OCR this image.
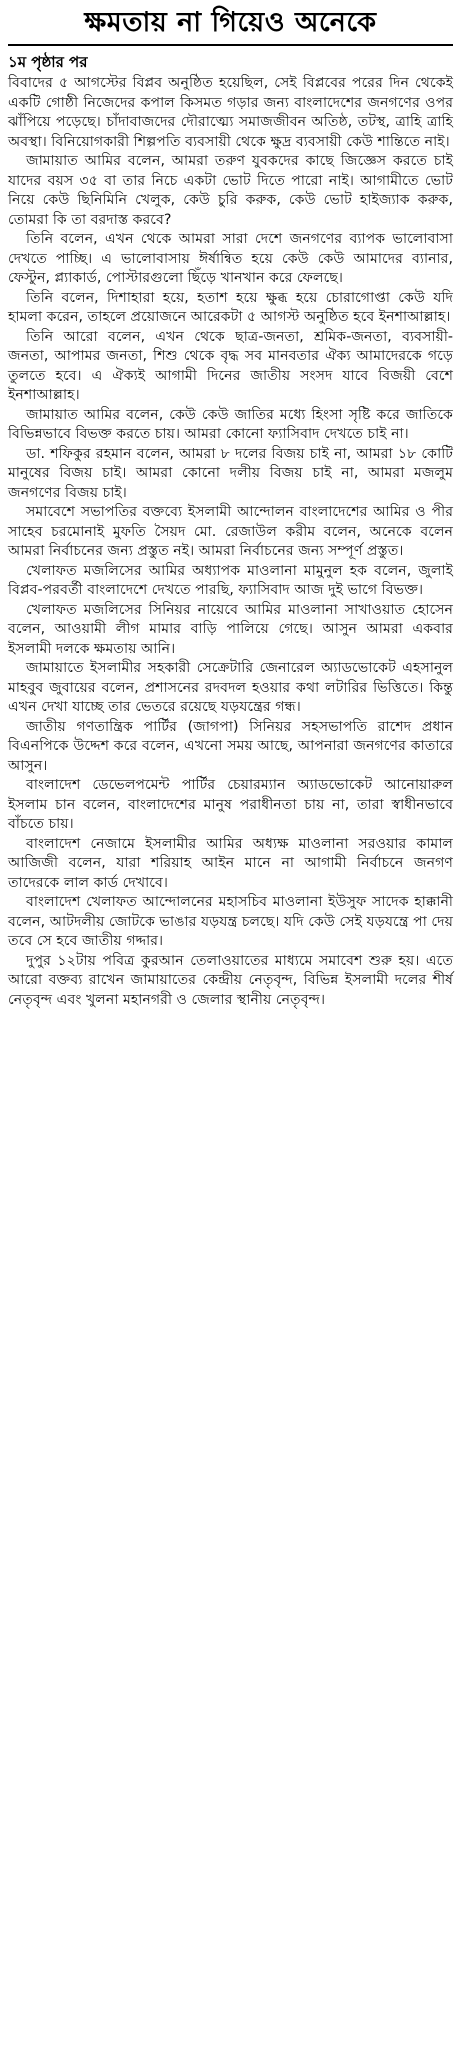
ক্ষমতায় না গিয়েও অনেকে
১ম পৃষ্ঠার পর

বিবাদের ৫ আগস্টের বিপ্লব অনুষ্ঠিত হয়েছিল, সেই বিপ্লবের পরের দিন থেকেই একটি গোষ্ঠী নিজেদের কপাল কিসমত গড়ার জন্য বাংলাদেশের জনগণের ওপর ঝাঁপিয়ে পড়েছে। চাঁদাবাজদের দৌরাত্ম্যে সমাজজীবন অতিষ্ঠ, তটস্থ, ত্রাহি ত্রাহি অবস্থা। বিনিয়োগকারী শিল্পপতি ব্যবসায়ী থেকে ক্ষুদ্র ব্যবসায়ী কেউ শান্তিতে নাই।

জামায়াত আমির বলেন, আমরা তরুণ যুবকদের কাছে জিজ্ঞেস করতে চাই যাদের বয়স ৩৫ বা তার নিচে একটা ভোট দিতে পারো নাই। আগামীতে ভোট নিয়ে কেউ ছিনিমিনি খেলুক, কেউ চুরি করুক, কেউ ভোট হাইজ্যাক করুক, তোমরা কি তা বরদাস্ত করবে?

তিনি বলেন, এখন থেকে আমরা সারা দেশে জনগণের ব্যাপক ভালোবাসা দেখতে পাচ্ছি। এ ভালোবাসায় ঈর্ষান্বিত হয়ে কেউ কেউ আমাদের ব্যানার, ফেস্টুন, প্ল্যাকার্ড, পোস্টারগুলো ছিঁড়ে খানখান করে ফেলছে।

তিনি বলেন, দিশাহারা হয়ে, হতাশ হয়ে ক্ষুব্ধ হয়ে চোরাগোপ্তা কেউ যদি হামলা করেন, তাহলে প্রয়োজনে আরেকটা ৫ আগস্ট অনুষ্ঠিত হবে ইনশাআল্লাহ।

তিনি আরো বলেন, এখন থেকে ছাত্র-জনতা, শ্রমিক-জনতা, ব্যবসায়ী-জনতা, আপামর জনতা, শিশু থেকে বৃদ্ধ সব মানবতার ঐক্য আমাদেরকে গড়ে তুলতে হবে। এ ঐক্যই আগামী দিনের জাতীয় সংসদ যাবে বিজয়ী বেশে ইনশাআল্লাহ।

জামায়াত আমির বলেন, কেউ কেউ জাতির মধ্যে হিংসা সৃষ্টি করে জাতিকে বিভিন্নভাবে বিভক্ত করতে চায়। আমরা কোনো ফ্যাসিবাদ দেখতে চাই না।

ডা. শফিকুর রহমান বলেন, আমরা ৮ দলের বিজয় চাই না, আমরা ১৮ কোটি মানুষের বিজয় চাই। আমরা কোনো দলীয় বিজয় চাই না, আমরা মজলুম জনগণের বিজয় চাই।

সমাবেশে সভাপতির বক্তব্যে ইসলামী আন্দোলন বাংলাদেশের আমির ও পীর সাহেব চরমোনাই মুফতি সৈয়দ মো. রেজাউল করীম বলেন, অনেকে বলেন আমরা নির্বাচনের জন্য প্রস্তুত নই। আমরা নির্বাচনের জন্য সম্পূর্ণ প্রস্তুত।

খেলাফত মজলিসের আমির অধ্যাপক মাওলানা মামুনুল হক বলেন, জুলাই বিপ্লব-পরবর্তী বাংলাদেশে দেখতে পারছি, ফ্যাসিবাদ আজ দুই ভাগে বিভক্ত।

খেলাফত মজলিসের সিনিয়র নায়েবে আমির মাওলানা সাখাওয়াত হোসেন বলেন, আওয়ামী লীগ মামার বাড়ি পালিয়ে গেছে। আসুন আমরা একবার ইসলামী দলকে ক্ষমতায় আনি।

জামায়াতে ইসলামীর সহকারী সেক্রেটারি জেনারেল অ্যাডভোকেট এহসানুল মাহবুব জুবায়ের বলেন, প্রশাসনের রদবদল হওয়ার কথা লটারির ভিত্তিতে। কিন্তু এখন দেখা যাচ্ছে তার ভেতরে রয়েছে যড়যন্ত্রের গন্ধ।

জাতীয় গণতান্ত্রিক পার্টির (জাগপা) সিনিয়র সহসভাপতি রাশেদ প্রধান বিএনপিকে উদ্দেশ করে বলেন, এখনো সময় আছে, আপনারা জনগণের কাতারে আসুন।

বাংলাদেশ ডেভেলপমেন্ট পার্টির চেয়ারম্যান অ্যাডভোকেট আনোয়ারুল ইসলাম চান বলেন, বাংলাদেশের মানুষ পরাধীনতা চায় না, তারা স্বাধীনভাবে বাঁচতে চায়।

বাংলাদেশ নেজামে ইসলামীর আমির অধ্যক্ষ মাওলানা সরওয়ার কামাল আজিজী বলেন, যারা শরিয়াহ আইন মানে না আগামী নির্বাচনে জনগণ তাদেরকে লাল কার্ড দেখাবে।

বাংলাদেশ খেলাফত আন্দোলনের মহাসচিব মাওলানা ইউসুফ সাদেক হাক্কানী বলেন, আটদলীয় জোটকে ভাঙার যড়যন্ত্র চলছে। যদি কেউ সেই যড়যন্ত্রে পা দেয় তবে সে হবে জাতীয় গদ্দার।

দুপুর ১২টায় পবিত্র কুরআন তেলাওয়াতের মাধ্যমে সমাবেশ শুরু হয়। এতে আরো বক্তব্য রাখেন জামায়াতের কেন্দ্রীয় নেতৃবৃন্দ, বিভিন্ন ইসলামী দলের শীর্ষ নেতৃবৃন্দ এবং খুলনা মহানগরী ও জেলার স্থানীয় নেতৃবৃন্দ।
